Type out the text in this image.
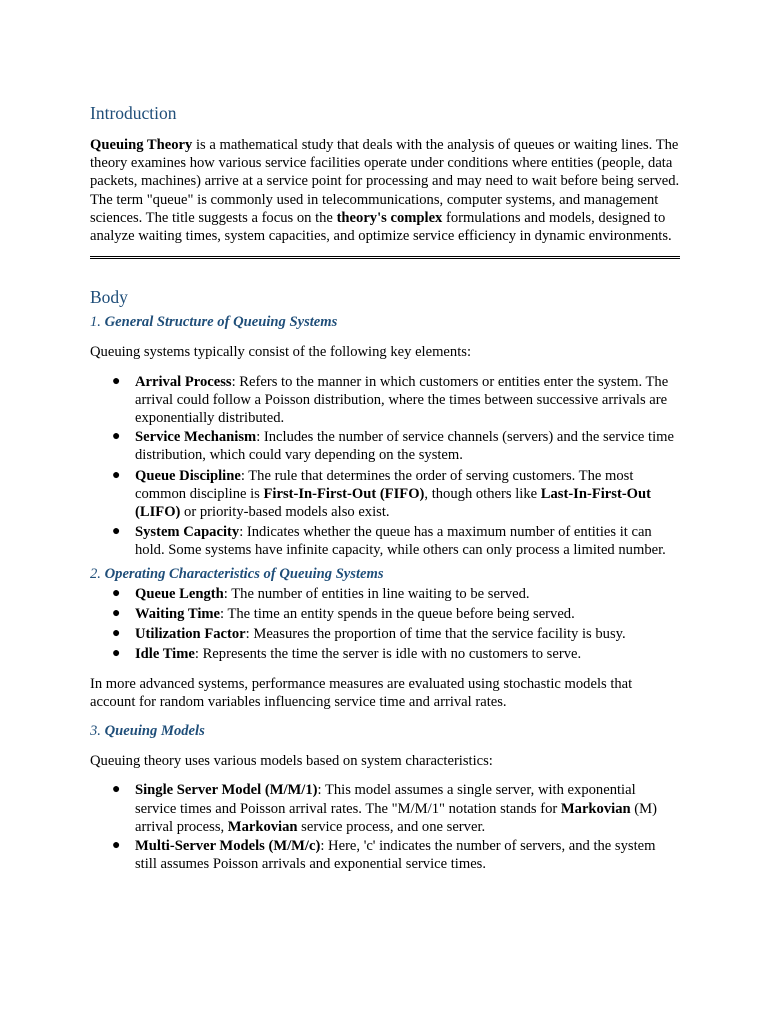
Introduction

Queuing Theory is a mathematical study that deals with the analysis of queues or waiting lines. The theory examines how various service facilities operate under conditions where entities (people, data packets, machines) arrive at a service point for processing and may need to wait before being served. The term "queue" is commonly used in telecommunications, computer systems, and management sciences. The title suggests a focus on the theory's complex formulations and models, designed to analyze waiting times, system capacities, and optimize service efficiency in dynamic environments.

Body
1. General Structure of Queuing Systems

Queuing systems typically consist of the following key elements:

● Arrival Process: Refers to the manner in which customers or entities enter the system. The arrival could follow a Poisson distribution, where the times between successive arrivals are exponentially distributed.
● Service Mechanism: Includes the number of service channels (servers) and the service time distribution, which could vary depending on the system.
● Queue Discipline: The rule that determines the order of serving customers. The most common discipline is First-In-First-Out (FIFO), though others like Last-In-First-Out (LIFO) or priority-based models also exist.
● System Capacity: Indicates whether the queue has a maximum number of entities it can hold. Some systems have infinite capacity, while others can only process a limited number.
2. Operating Characteristics of Queuing Systems
● Queue Length: The number of entities in line waiting to be served.
● Waiting Time: The time an entity spends in the queue before being served.
● Utilization Factor: Measures the proportion of time that the service facility is busy.
● Idle Time: Represents the time the server is idle with no customers to serve.

In more advanced systems, performance measures are evaluated using stochastic models that account for random variables influencing service time and arrival rates.

3. Queuing Models

Queuing theory uses various models based on system characteristics:

● Single Server Model (M/M/1): This model assumes a single server, with exponential service times and Poisson arrival rates. The "M/M/1" notation stands for Markovian (M) arrival process, Markovian service process, and one server.
● Multi-Server Models (M/M/c): Here, 'c' indicates the number of servers, and the system still assumes Poisson arrivals and exponential service times.
